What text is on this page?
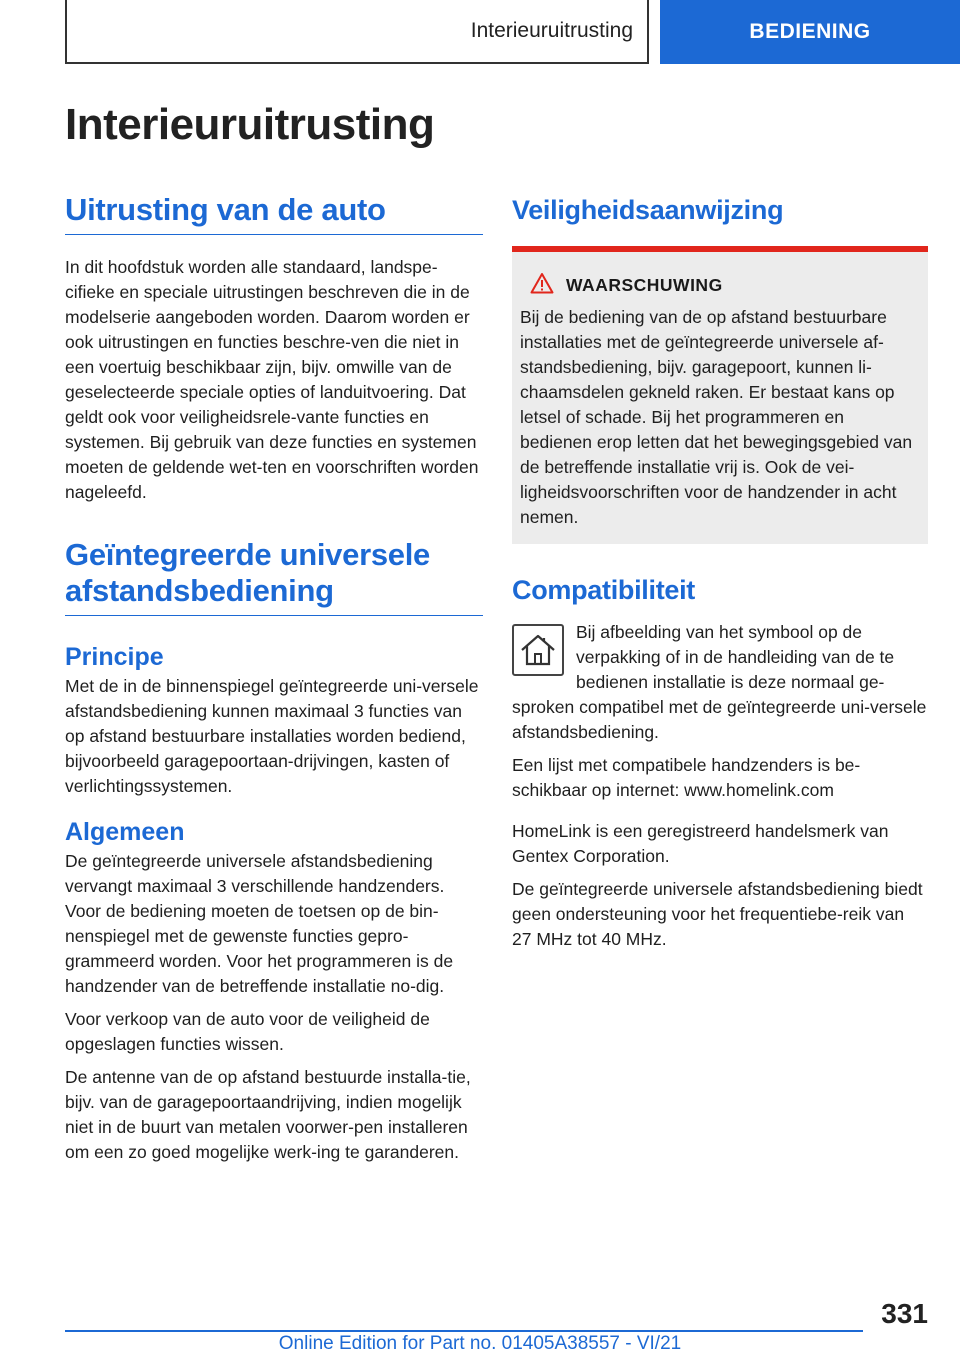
Interieuruitrusting	BEDIENING
Interieuruitrusting
Uitrusting van de auto

In dit hoofdstuk worden alle standaard, landspe-cifieke en speciale uitrustingen beschreven die in de modelserie aangeboden worden. Daarom worden er ook uitrustingen en functies beschre-ven die niet in een voertuig beschikbaar zijn, bijv. omwille van de geselecteerde speciale opties of landuitvoering. Dat geldt ook voor veiligheidsrele-vante functies en systemen. Bij gebruik van deze functies en systemen moeten de geldende wet-ten en voorschriften worden nageleefd.

Geïntegreerde universele afstandsbediening
Principe

Met de in de binnenspiegel geïntegreerde uni-versele afstandsbediening kunnen maximaal 3 functies van op afstand bestuurbare installaties worden bediend, bijvoorbeeld garagepoortaan-drijvingen, kasten of verlichtingssystemen.

Algemeen

De geïntegreerde universele afstandsbediening vervangt maximaal 3 verschillende handzenders. Voor de bediening moeten de toetsen op de bin-nenspiegel met de gewenste functies gepro-grammeerd worden. Voor het programmeren is de handzender van de betreffende installatie no-dig.

Voor verkoop van de auto voor de veiligheid de opgeslagen functies wissen.

De antenne van de op afstand bestuurde installa-tie, bijv. van de garagepoortaandrijving, indien mogelijk niet in de buurt van metalen voorwer-pen installeren om een zo goed mogelijke werk-ing te garanderen.

Veiligheidsaanwijzing
WAARSCHUWING

Bij de bediening van de op afstand bestuurbare installaties met de geïntegreerde universele af-standsbediening, bijv. garagepoort, kunnen li-chaamsdelen gekneld raken. Er bestaat kans op letsel of schade. Bij het programmeren en bedienen erop letten dat het bewegingsgebied van de betreffende installatie vrij is. Ook de vei-ligheidsvoorschriften voor de handzender in acht nemen.

Compatibiliteit

Bij afbeelding van het symbool op de verpakking of in de handleiding van de te bedienen installatie is deze normaal ge-sproken compatibel met de geïntegreerde uni-versele afstandsbediening.

Een lijst met compatibele handzenders is be-schikbaar op internet: www.homelink.com

HomeLink is een geregistreerd handelsmerk van Gentex Corporation.

De geïntegreerde universele afstandsbediening biedt geen ondersteuning voor het frequentiebe-reik van 27 MHz tot 40 MHz.

331
Online Edition for Part no. 01405A38557 - VI/21
